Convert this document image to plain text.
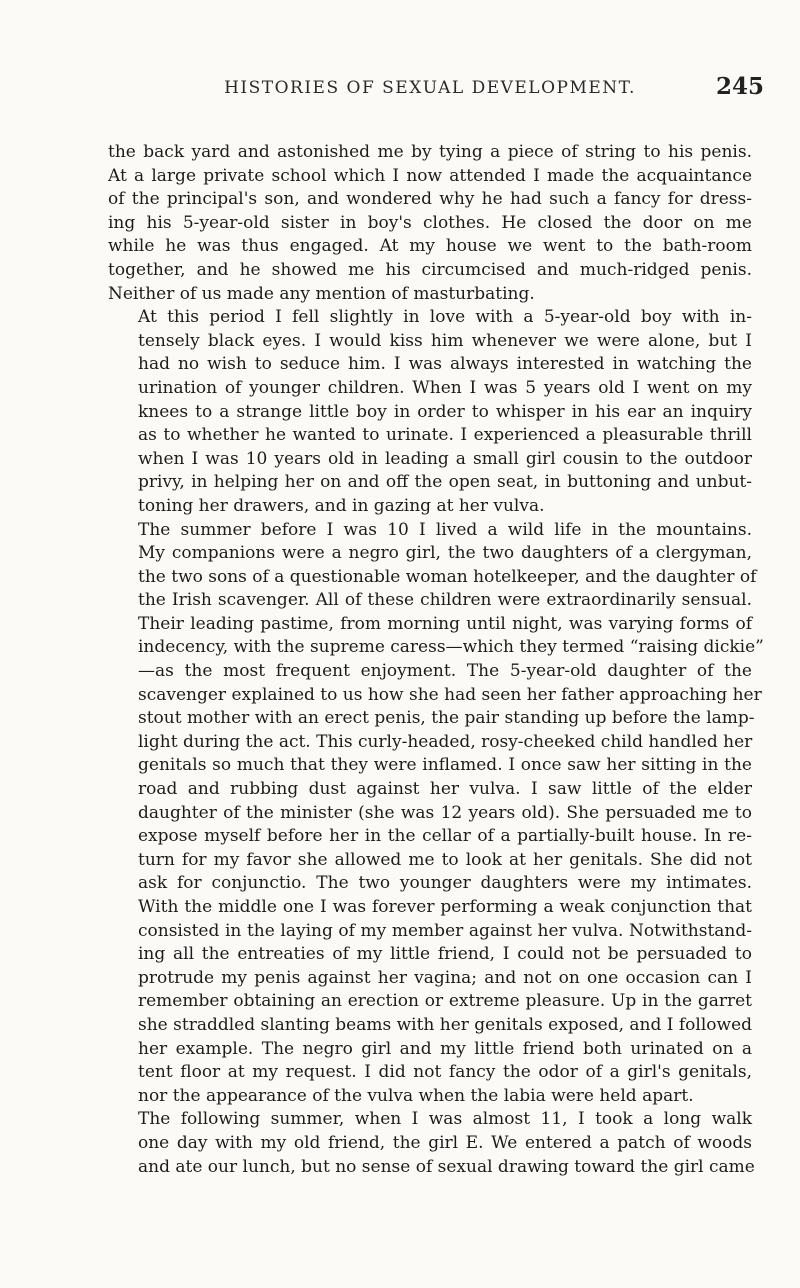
HISTORIES OF SEXUAL DEVELOPMENT.	245

the back yard and astonished me by tying a piece of string to his penis.
At a large private school which I now attended I made the acquaintance
of the principal's son, and wondered why he had such a fancy for dress-
ing his 5-year-old sister in boy's clothes. He closed the door on me
while he was thus engaged. At my house we went to the bath-room
together, and he showed me his circumcised and much-ridged penis.
Neither of us made any mention of masturbating.

At this period I fell slightly in love with a 5-year-old boy with in-
tensely black eyes. I would kiss him whenever we were alone, but I
had no wish to seduce him. I was always interested in watching the
urination of younger children. When I was 5 years old I went on my
knees to a strange little boy in order to whisper in his ear an inquiry
as to whether he wanted to urinate. I experienced a pleasurable thrill
when I was 10 years old in leading a small girl cousin to the outdoor
privy, in helping her on and off the open seat, in buttoning and unbut-
toning her drawers, and in gazing at her vulva.

The summer before I was 10 I lived a wild life in the mountains.
My companions were a negro girl, the two daughters of a clergyman,
the two sons of a questionable woman hotelkeeper, and the daughter of
the Irish scavenger. All of these children were extraordinarily sensual.
Their leading pastime, from morning until night, was varying forms of
indecency, with the supreme caress—which they termed “raising dickie”
—as the most frequent enjoyment. The 5-year-old daughter of the
scavenger explained to us how she had seen her father approaching her
stout mother with an erect penis, the pair standing up before the lamp-
light during the act. This curly-headed, rosy-cheeked child handled her
genitals so much that they were inflamed. I once saw her sitting in the
road and rubbing dust against her vulva. I saw little of the elder
daughter of the minister (she was 12 years old). She persuaded me to
expose myself before her in the cellar of a partially-built house. In re-
turn for my favor she allowed me to look at her genitals. She did not
ask for conjunctio. The two younger daughters were my intimates.
With the middle one I was forever performing a weak conjunction that
consisted in the laying of my member against her vulva. Notwithstand-
ing all the entreaties of my little friend, I could not be persuaded to
protrude my penis against her vagina; and not on one occasion can I
remember obtaining an erection or extreme pleasure. Up in the garret
she straddled slanting beams with her genitals exposed, and I followed
her example. The negro girl and my little friend both urinated on a
tent floor at my request. I did not fancy the odor of a girl's genitals,
nor the appearance of the vulva when the labia were held apart.

The following summer, when I was almost 11, I took a long walk
one day with my old friend, the girl E. We entered a patch of woods
and ate our lunch, but no sense of sexual drawing toward the girl came
